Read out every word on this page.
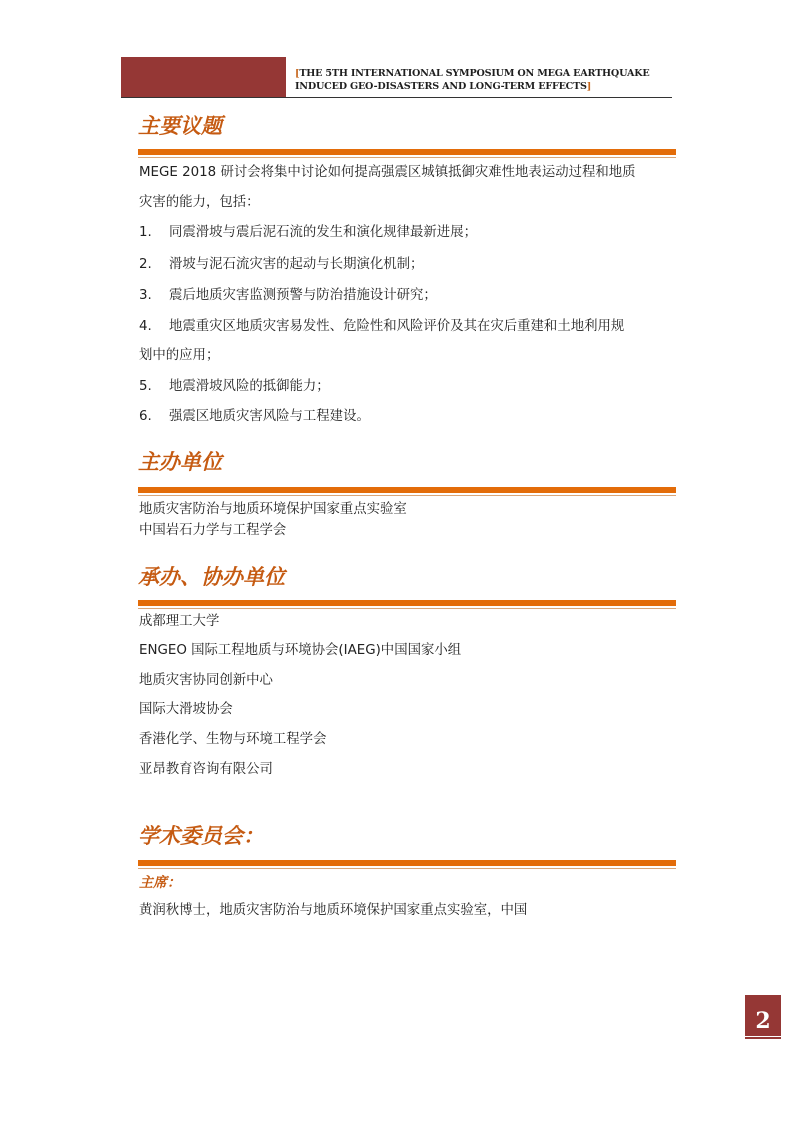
[THE 5TH INTERNATIONAL SYMPOSIUM ON MEGA EARTHQUAKE
INDUCED GEO-DISASTERS AND LONG-TERM EFFECTS]
主要议题

MEGE 2018 研讨会将集中讨论如何提高强震区城镇抵御灾难性地表运动过程和地质

灾害的能力，包括：

1. 同震滑坡与震后泥石流的发生和演化规律最新进展；

2. 滑坡与泥石流灾害的起动与长期演化机制；

3. 震后地质灾害监测预警与防治措施设计研究；

4. 地震重灾区地质灾害易发性、危险性和风险评价及其在灾后重建和土地利用规

划中的应用；

5. 地震滑坡风险的抵御能力；

6. 强震区地质灾害风险与工程建设。

主办单位

地质灾害防治与地质环境保护国家重点实验室

中国岩石力学与工程学会

承办、协办单位

成都理工大学

ENGEO 国际工程地质与环境协会(IAEG)中国国家小组

地质灾害协同创新中心

国际大滑坡协会

香港化学、生物与环境工程学会

亚昂教育咨询有限公司

学术委员会：

主席：

黄润秋博士，地质灾害防治与地质环境保护国家重点实验室，中国

2
